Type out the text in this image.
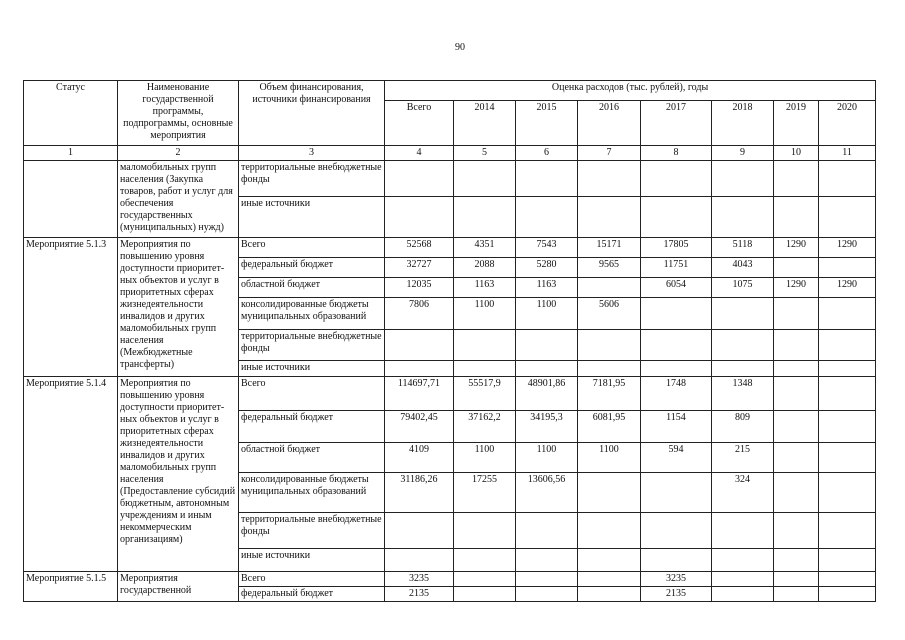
90
Статус	Наименование государственной программы, подпрограммы, основные мероприятия	Объем финансирования, источники финансирования	Оценка расходов (тыс. рублей), годы							
			Всего	2014	2015	2016	2017	2018	2019	2020
1	2	3	4	5	6	7	8	9	10	11
	маломобильных групп населения (Закупка товаров, работ и услуг для обеспечения государственных (муниципальных) нужд)	территориальные внебюджетные фонды								
		иные источники								
Мероприятие 5.1.3	Мероприятия по повышению уровня доступности приоритет-ных объектов и услуг в приоритетных сферах жизнедеятельности инвалидов и других маломобильных групп населения (Межбюджетные трансферты)	Всего	52568	4351	7543	15171	17805	5118	1290	1290
		федеральный бюджет	32727	2088	5280	9565	11751	4043		
		областной бюджет	12035	1163	1163		6054	1075	1290	1290
		консолидированные бюджеты муниципальных образований	7806	1100	1100	5606				
		территориальные внебюджетные фонды								
		иные источники								
Мероприятие 5.1.4	Мероприятия по повышению уровня доступности приоритет-ных объектов и услуг в приоритетных сферах жизнедеятельности инвалидов и других маломобильных групп населения (Предоставление субсидий бюджетным, автономным учреждениям и иным некоммерческим организациям)	Всего	114697,71	55517,9	48901,86	7181,95	1748	1348		
		федеральный бюджет	79402,45	37162,2	34195,3	6081,95	1154	809		
		областной бюджет	4109	1100	1100	1100	594	215		
		консолидированные бюджеты муниципальных образований	31186,26	17255	13606,56			324		
		территориальные внебюджетные фонды								
		иные источники								
Мероприятие 5.1.5	Мероприятия государственной	Всего	3235				3235			
		федеральный бюджет	2135				2135			
